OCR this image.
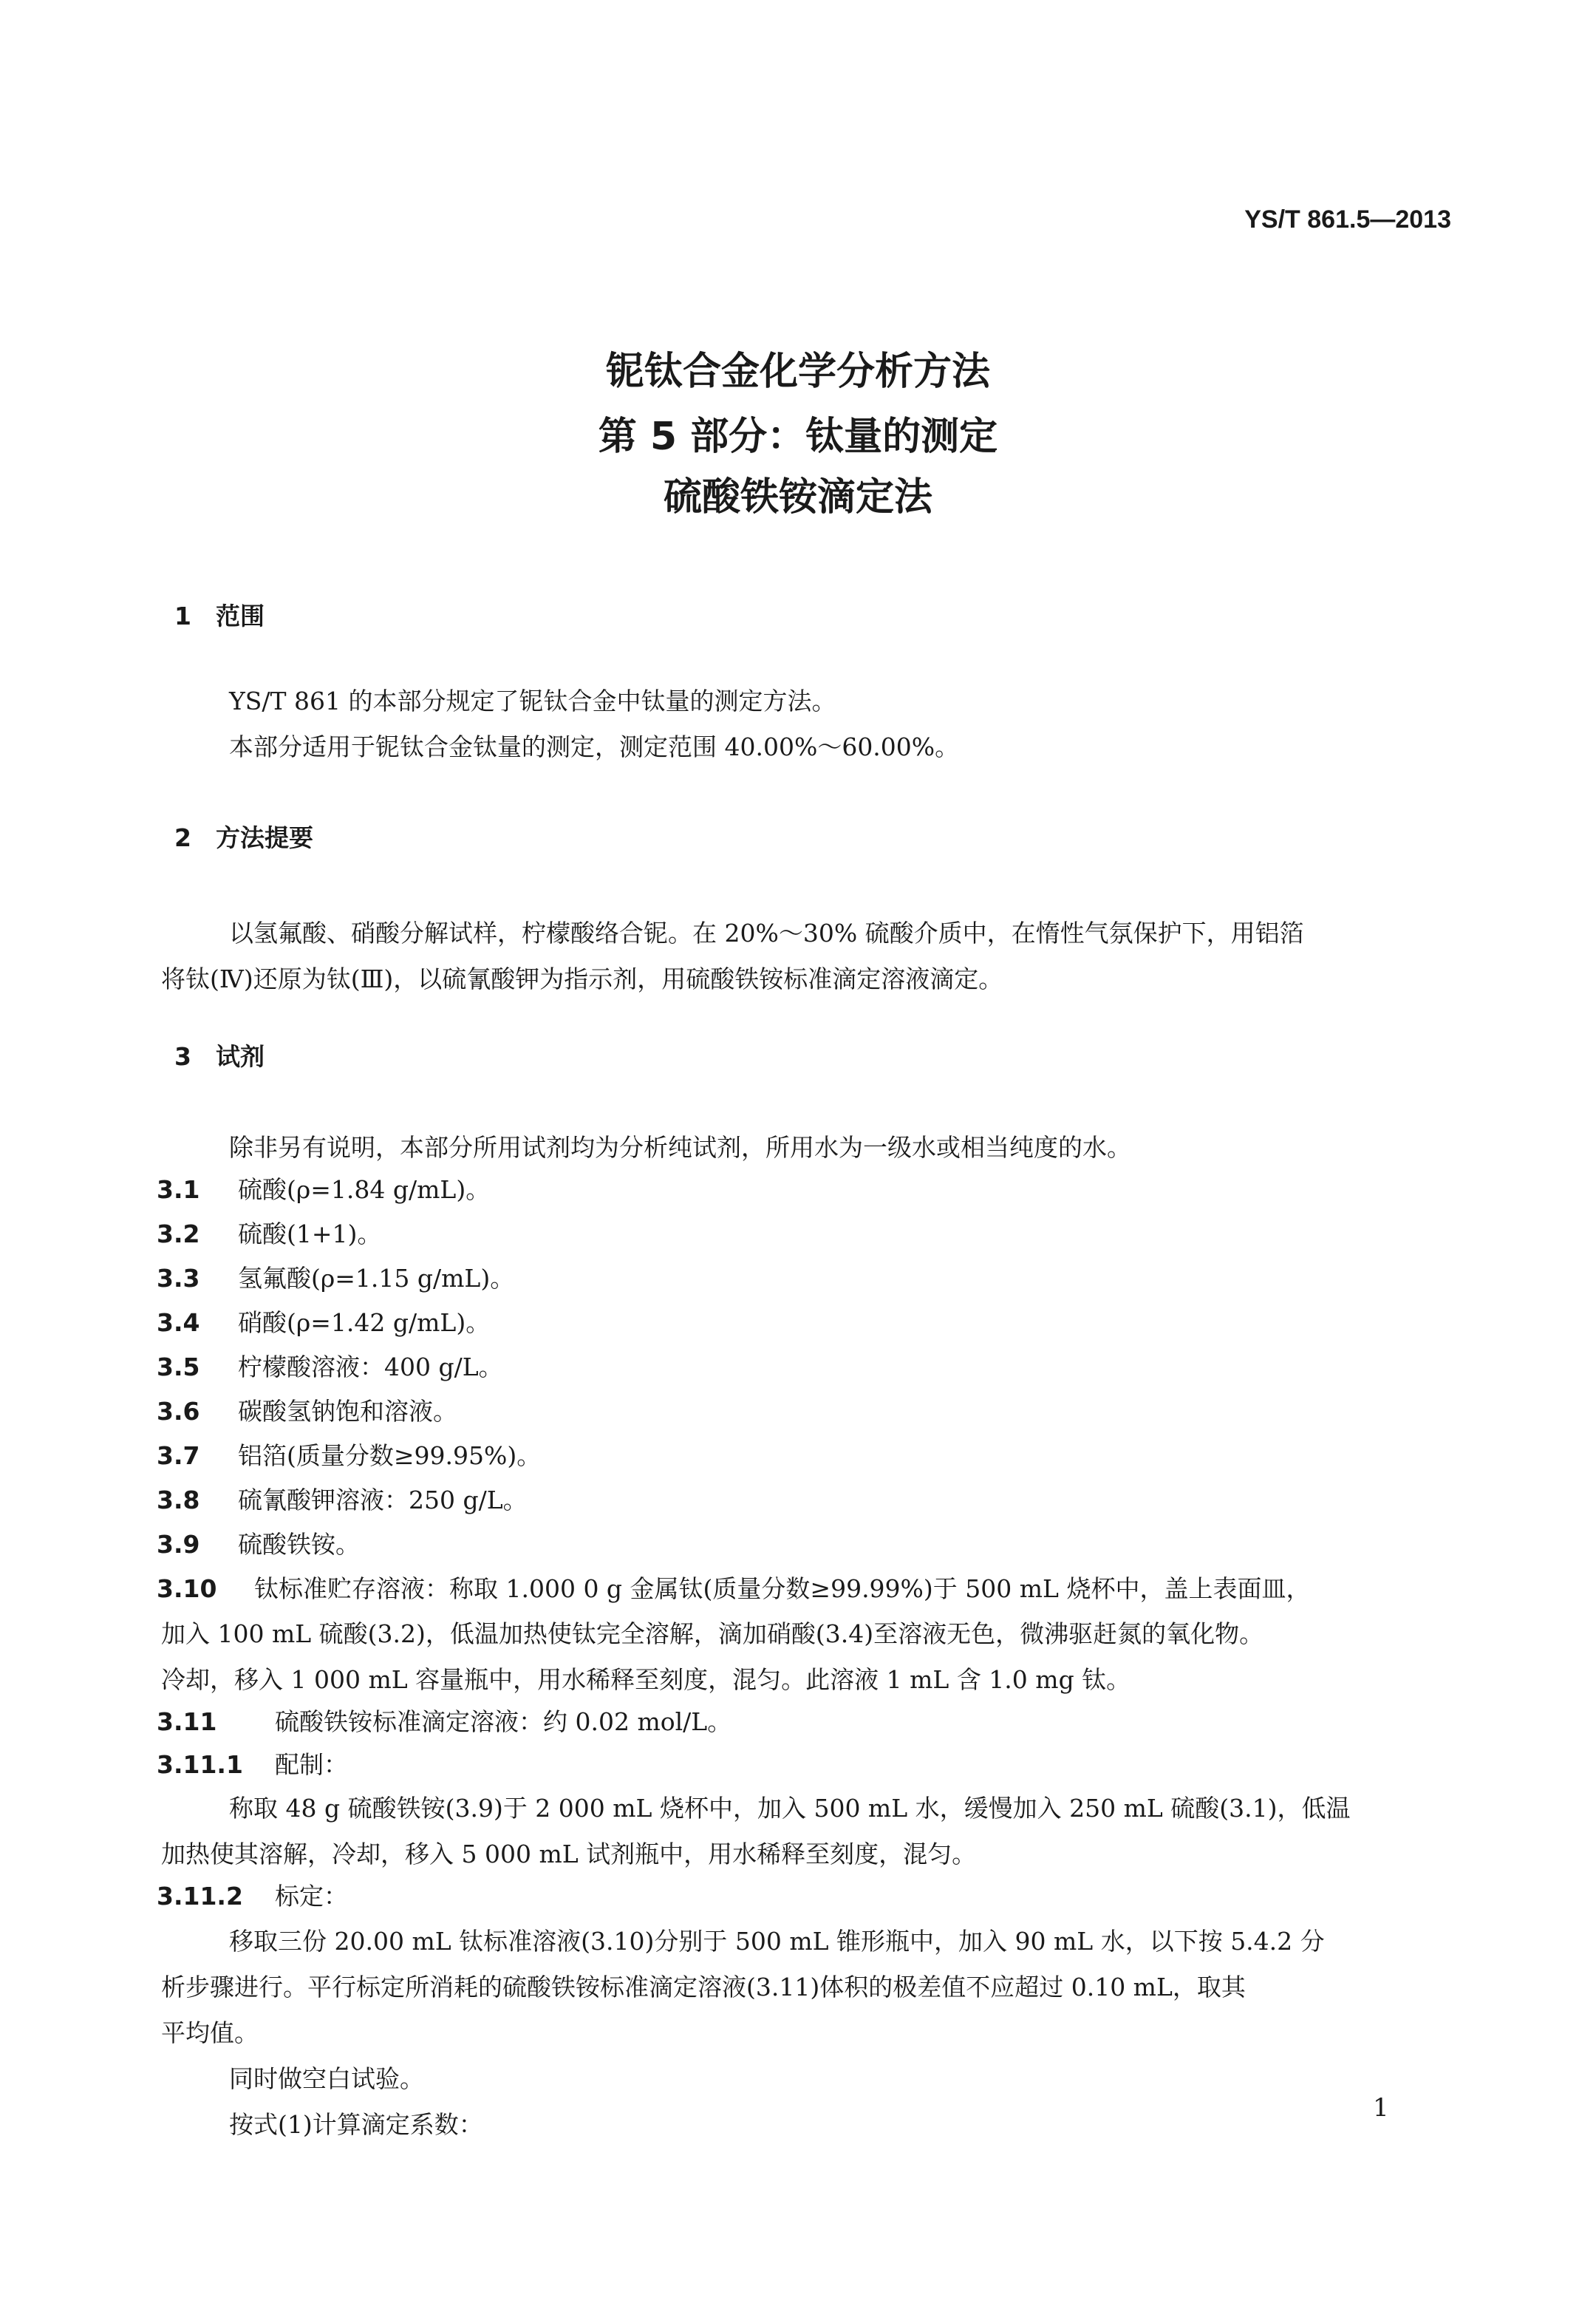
YS/T 861.5—2013
铌钛合金化学分析方法
第 5 部分：钛量的测定
硫酸铁铵滴定法
1 范围
YS/T 861 的本部分规定了铌钛合金中钛量的测定方法。
本部分适用于铌钛合金钛量的测定，测定范围 40.00%～60.00%。
2 方法提要
以氢氟酸、硝酸分解试样，柠檬酸络合铌。在 20%～30% 硫酸介质中，在惰性气氛保护下，用铝箔
将钛(Ⅳ)还原为钛(Ⅲ)，以硫氰酸钾为指示剂，用硫酸铁铵标准滴定溶液滴定。
3 试剂
除非另有说明，本部分所用试剂均为分析纯试剂，所用水为一级水或相当纯度的水。
3.1 硫酸(ρ=1.84 g/mL)。
3.2 硫酸(1+1)。
3.3 氢氟酸(ρ=1.15 g/mL)。
3.4 硝酸(ρ=1.42 g/mL)。
3.5 柠檬酸溶液：400 g/L。
3.6 碳酸氢钠饱和溶液。
3.7 铝箔(质量分数≥99.95%)。
3.8 硫氰酸钾溶液：250 g/L。
3.9 硫酸铁铵。
3.10 钛标准贮存溶液：称取 1.000 0 g 金属钛(质量分数≥99.99%)于 500 mL 烧杯中，盖上表面皿，
加入 100 mL 硫酸(3.2)，低温加热使钛完全溶解，滴加硝酸(3.4)至溶液无色，微沸驱赶氮的氧化物。
冷却，移入 1 000 mL 容量瓶中，用水稀释至刻度，混匀。此溶液 1 mL 含 1.0 mg 钛。
3.11 硫酸铁铵标准滴定溶液：约 0.02 mol/L。
3.11.1 配制：
称取 48 g 硫酸铁铵(3.9)于 2 000 mL 烧杯中，加入 500 mL 水，缓慢加入 250 mL 硫酸(3.1)，低温
加热使其溶解，冷却，移入 5 000 mL 试剂瓶中，用水稀释至刻度，混匀。
3.11.2 标定：
移取三份 20.00 mL 钛标准溶液(3.10)分别于 500 mL 锥形瓶中，加入 90 mL 水，以下按 5.4.2 分
析步骤进行。平行标定所消耗的硫酸铁铵标准滴定溶液(3.11)体积的极差值不应超过 0.10 mL，取其
平均值。
同时做空白试验。
按式(1)计算滴定系数：
1
